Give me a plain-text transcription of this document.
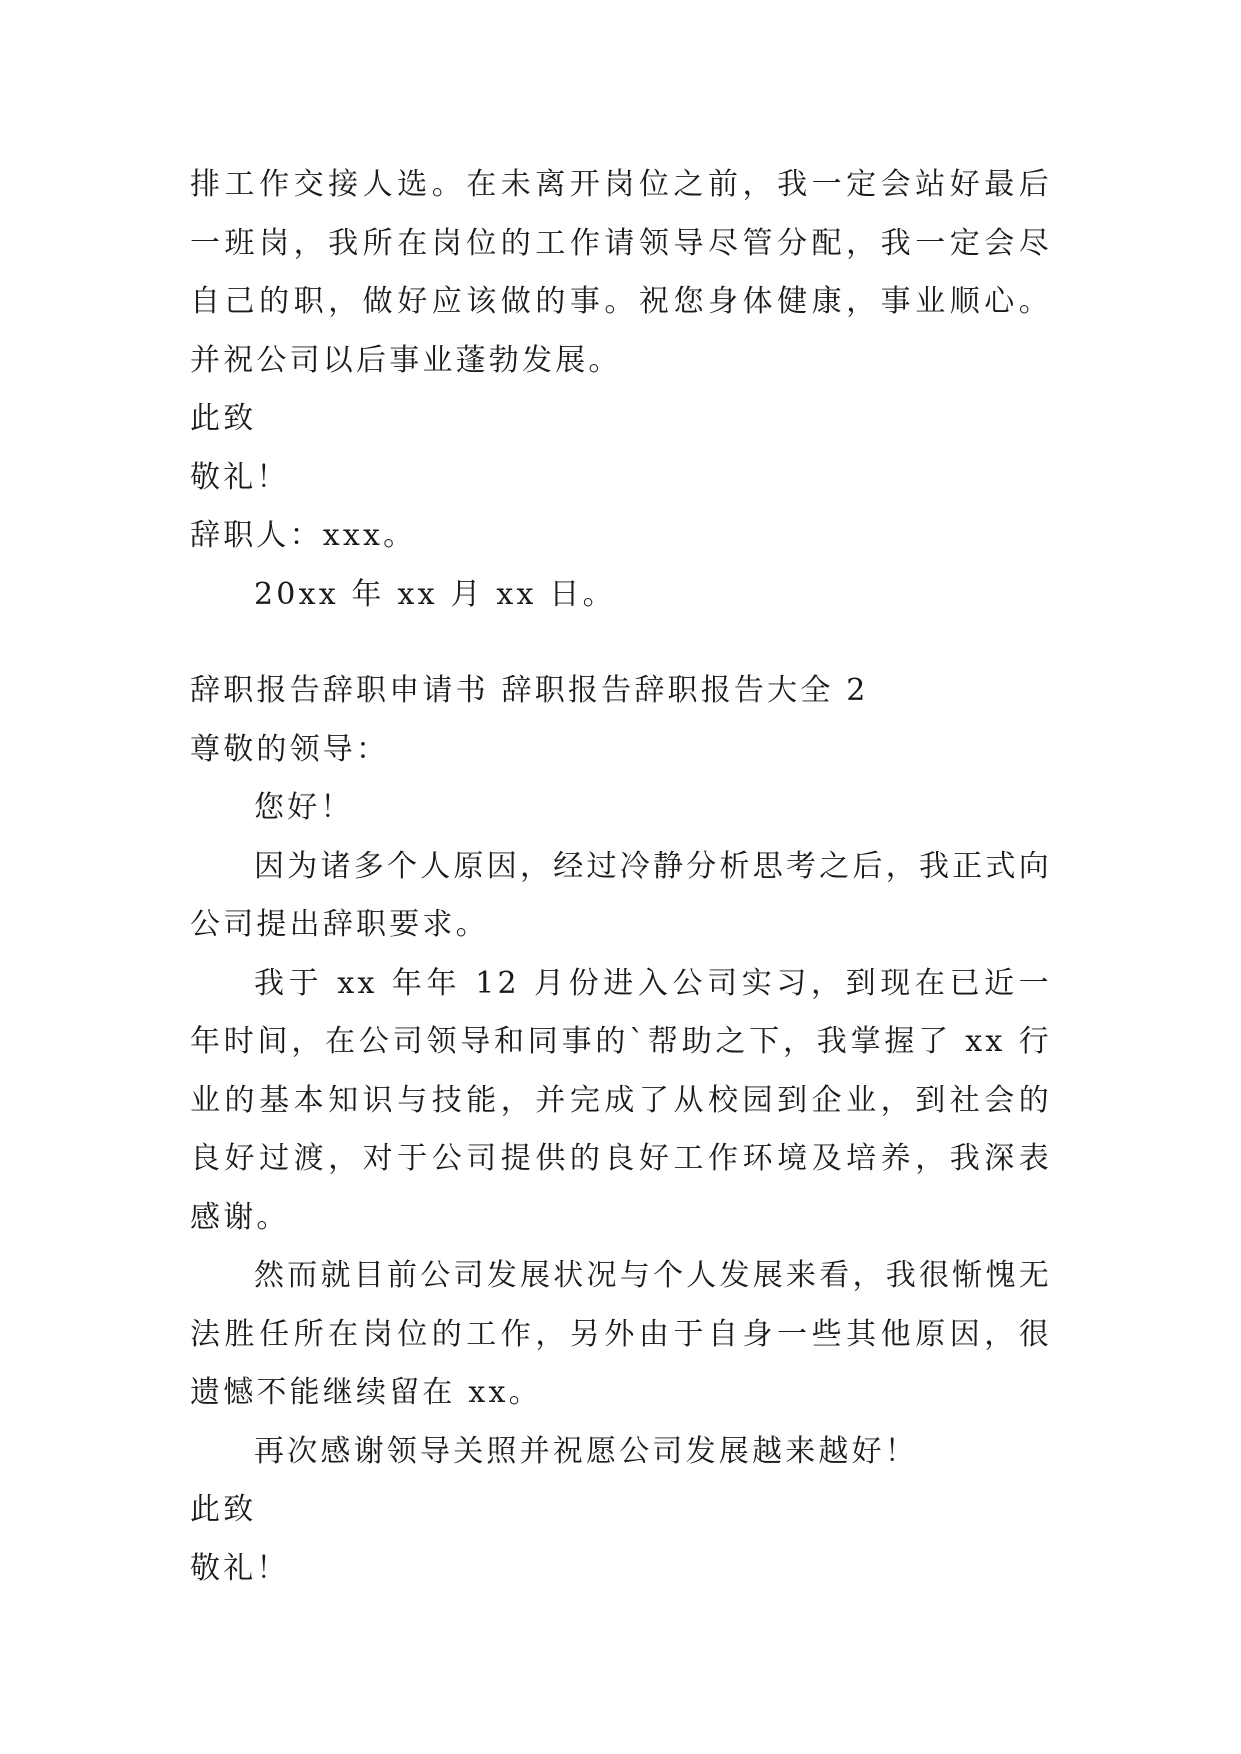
排工作交接人选。在未离开岗位之前，我一定会站好最后一班岗，我所在岗位的工作请领导尽管分配，我一定会尽自己的职，做好应该做的事。祝您身体健康，事业顺心。并祝公司以后事业蓬勃发展。

此致

敬礼！

辞职人：xxx。

20xx 年 xx 月 xx 日。

辞职报告辞职申请书 辞职报告辞职报告大全 2

尊敬的领导：

您好！

因为诸多个人原因，经过冷静分析思考之后，我正式向公司提出辞职要求。

我于 xx 年年 12 月份进入公司实习，到现在已近一年时间，在公司领导和同事的`帮助之下，我掌握了 xx 行业的基本知识与技能，并完成了从校园到企业，到社会的良好过渡，对于公司提供的良好工作环境及培养，我深表感谢。

然而就目前公司发展状况与个人发展来看，我很惭愧无法胜任所在岗位的工作，另外由于自身一些其他原因，很遗憾不能继续留在 xx。

再次感谢领导关照并祝愿公司发展越来越好！

此致

敬礼！
